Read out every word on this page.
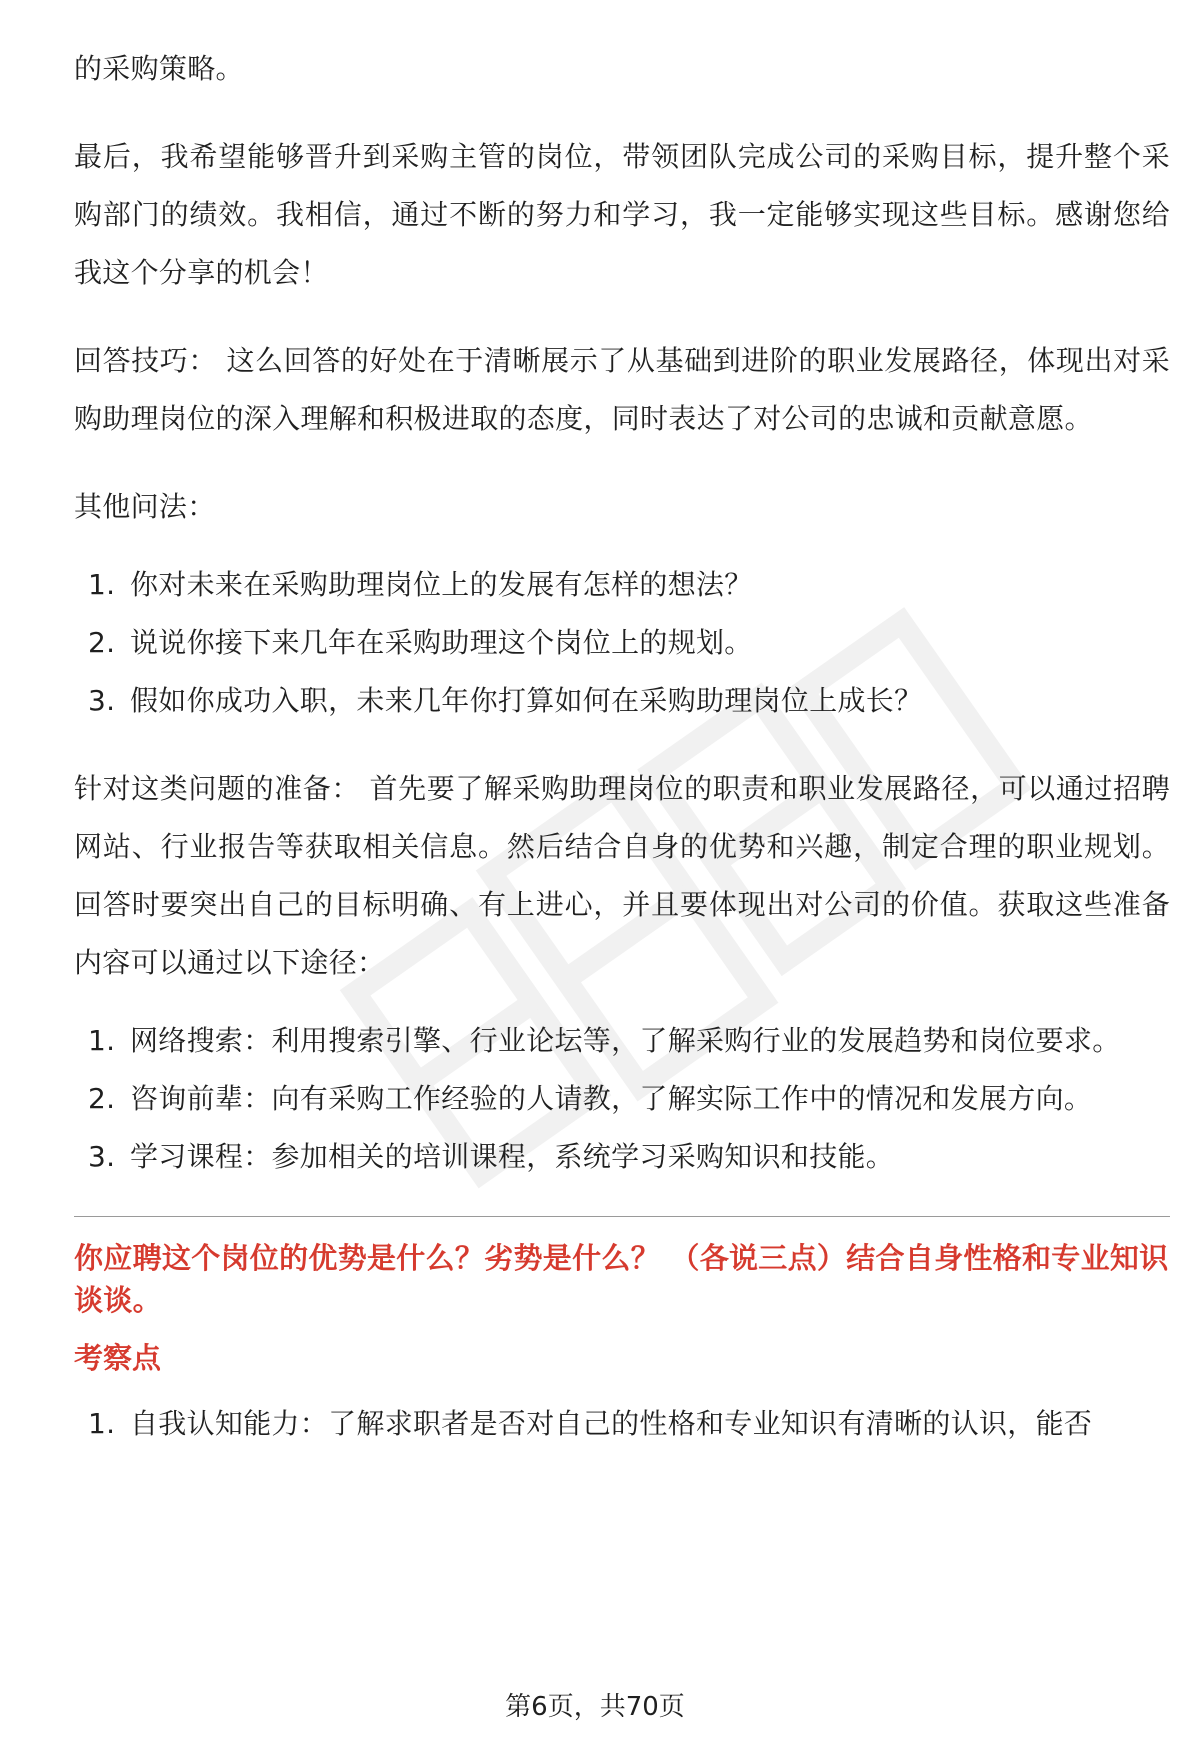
的采购策略。

最后，我希望能够晋升到采购主管的岗位，带领团队完成公司的采购目标，提升整个采购部门的绩效。我相信，通过不断的努力和学习，我一定能够实现这些目标。感谢您给我这个分享的机会！

回答技巧： 这么回答的好处在于清晰展示了从基础到进阶的职业发展路径，体现出对采购助理岗位的深入理解和积极进取的态度，同时表达了对公司的忠诚和贡献意愿。

其他问法：

1. 你对未来在采购助理岗位上的发展有怎样的想法？
2. 说说你接下来几年在采购助理这个岗位上的规划。
3. 假如你成功入职，未来几年你打算如何在采购助理岗位上成长？

针对这类问题的准备： 首先要了解采购助理岗位的职责和职业发展路径，可以通过招聘网站、行业报告等获取相关信息。然后结合自身的优势和兴趣，制定合理的职业规划。回答时要突出自己的目标明确、有上进心，并且要体现出对公司的价值。获取这些准备内容可以通过以下途径：

1. 网络搜索：利用搜索引擎、行业论坛等，了解采购行业的发展趋势和岗位要求。
2. 咨询前辈：向有采购工作经验的人请教，了解实际工作中的情况和发展方向。
3. 学习课程：参加相关的培训课程，系统学习采购知识和技能。
你应聘这个岗位的优势是什么？劣势是什么？ （各说三点）结合自身性格和专业知识谈谈。
考察点
1. 自我认知能力：了解求职者是否对自己的性格和专业知识有清晰的认识，能否
第6页，共70页
